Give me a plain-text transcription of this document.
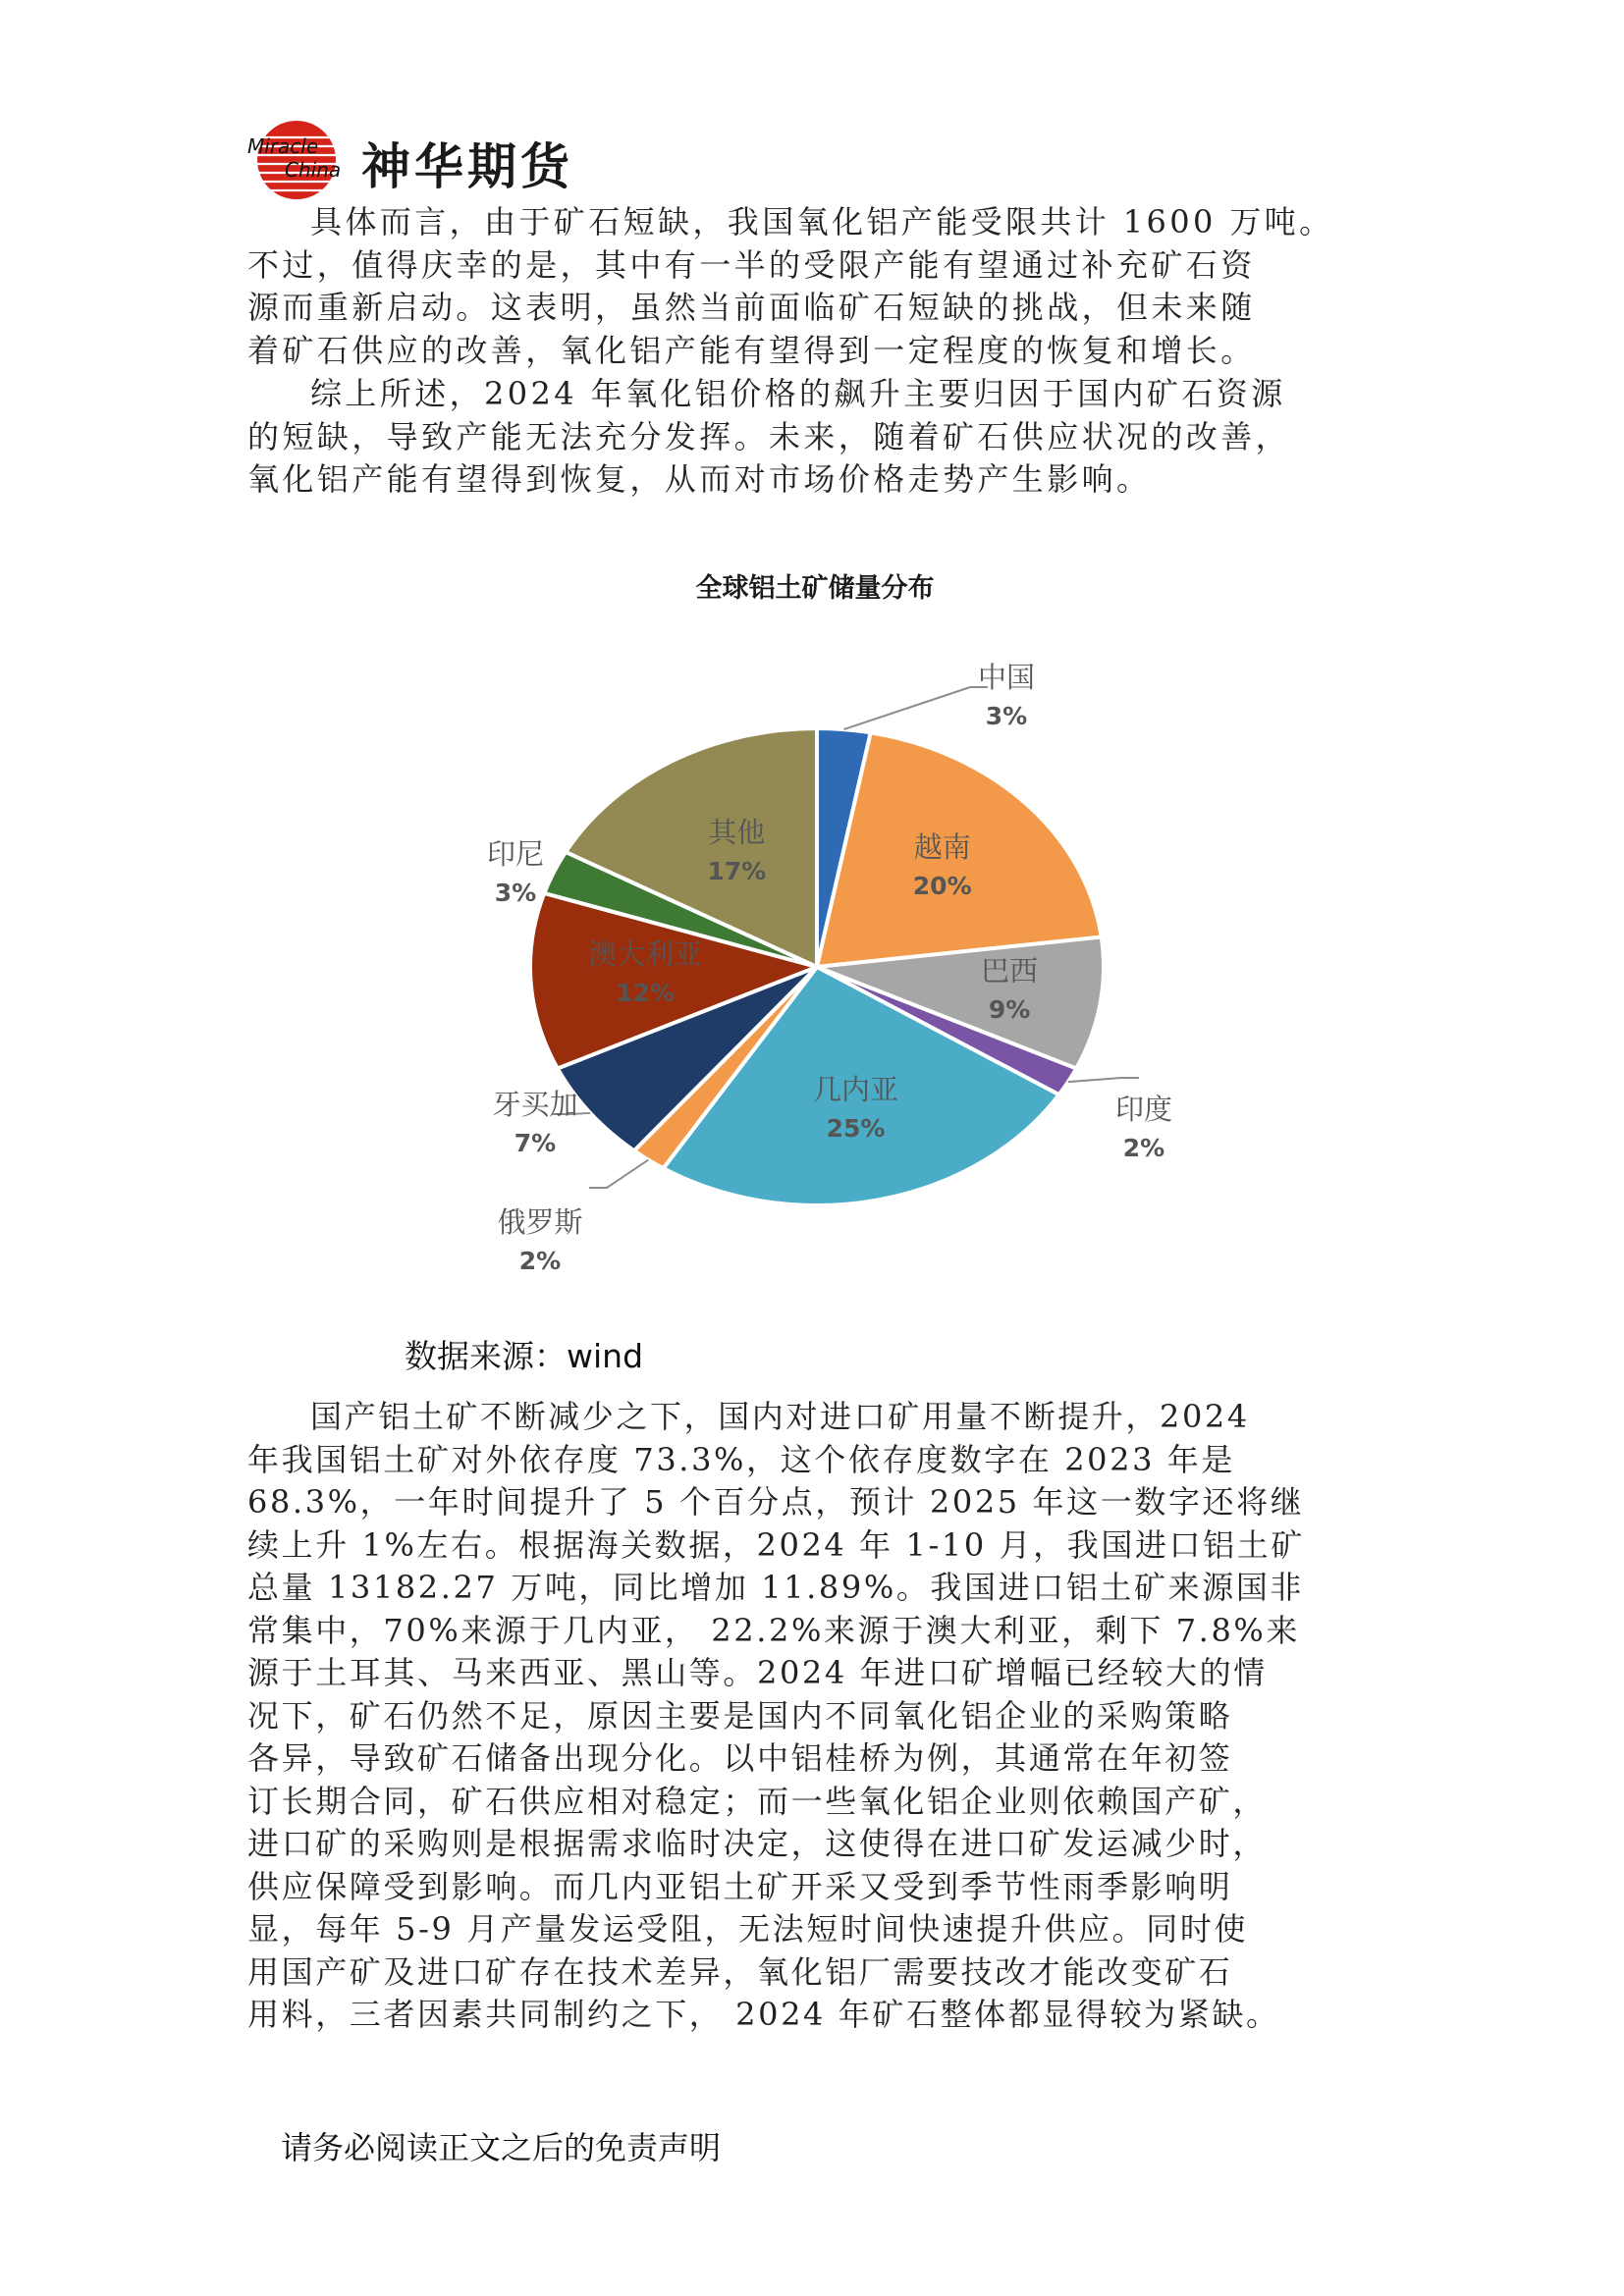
Miracle
China 神华期货

具体而言，由于矿石短缺，我国氧化铝产能受限共计 1600 万吨。
不过，值得庆幸的是，其中有一半的受限产能有望通过补充矿石资
源而重新启动。这表明，虽然当前面临矿石短缺的挑战，但未来随
着矿石供应的改善，氧化铝产能有望得到一定程度的恢复和增长。

综上所述，2024 年氧化铝价格的飙升主要归因于国内矿石资源
的短缺，导致产能无法充分发挥。未来，随着矿石供应状况的改善，
氧化铝产能有望得到恢复，从而对市场价格走势产生影响。

全球铝土矿储量分布
中国
3%
越南
20%
巴西
9%
印度
2%
几内亚
25%
俄罗斯
2%
牙买加
7%
澳大利亚
12%
印尼
3%
其他
17%
数据来源：wind

国产铝土矿不断减少之下，国内对进口矿用量不断提升，2024
年我国铝土矿对外依存度 73.3%，这个依存度数字在 2023 年是
68.3%，一年时间提升了 5 个百分点，预计 2025 年这一数字还将继
续上升 1%左右。根据海关数据，2024 年 1-10 月，我国进口铝土矿
总量 13182.27 万吨，同比增加 11.89%。我国进口铝土矿来源国非
常集中，70%来源于几内亚， 22.2%来源于澳大利亚，剩下 7.8%来
源于土耳其、马来西亚、黑山等。2024 年进口矿增幅已经较大的情
况下，矿石仍然不足，原因主要是国内不同氧化铝企业的采购策略
各异，导致矿石储备出现分化。以中铝桂桥为例，其通常在年初签
订长期合同，矿石供应相对稳定；而一些氧化铝企业则依赖国产矿，
进口矿的采购则是根据需求临时决定，这使得在进口矿发运减少时，
供应保障受到影响。而几内亚铝土矿开采又受到季节性雨季影响明
显，每年 5-9 月产量发运受阻，无法短时间快速提升供应。同时使
用国产矿及进口矿存在技术差异，氧化铝厂需要技改才能改变矿石
用料，三者因素共同制约之下， 2024 年矿石整体都显得较为紧缺。

请务必阅读正文之后的免责声明
